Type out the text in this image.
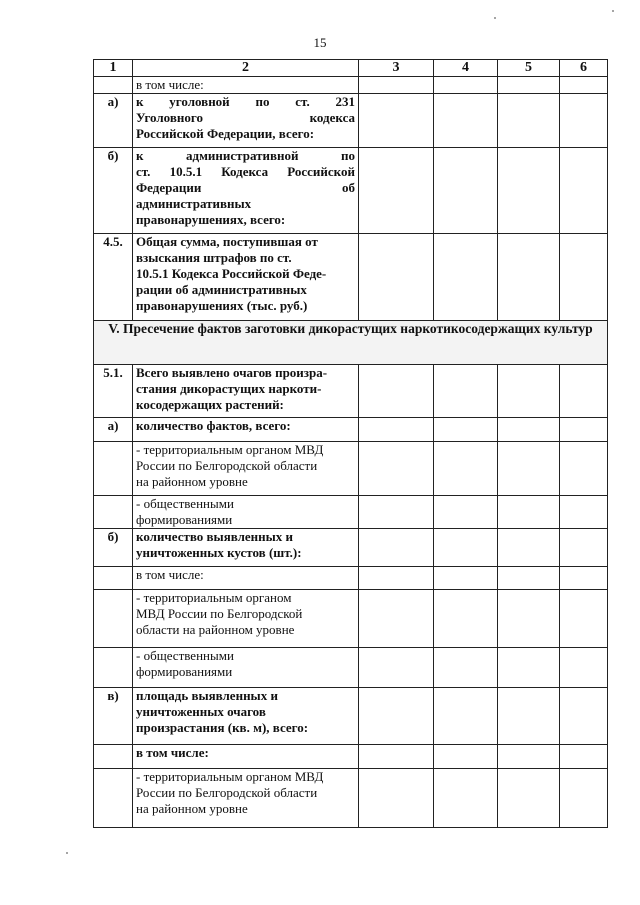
15
1	2	3	4	5	6

	в том числе:				

а)	к уголовной по ст. 231
Уголовного кодекса
Российской Федерации, всего:				

б)	к административной по
ст. 10.5.1 Кодекса Российской
Федерации об
административных
правонарушениях, всего:				

4.5.	Общая сумма, поступившая от
взыскания штрафов по ст.
10.5.1 Кодекса Российской Феде-
рации об административных
правонарушениях (тыс. руб.)				

V. Пресечение фактов заготовки дикорастущих наркотикосодержащих культур					
5.1.	Всего выявлено очагов произра-
стания дикорастущих наркоти-
косодержащих растений:				

а)	количество фактов, всего:				

	- территориальным органом МВД
России по Белгородской области
на районном уровне				

	- общественными
формированиями				

б)	количество выявленных и
уничтоженных кустов (шт.):				

	в том числе:				

	- территориальным органом
МВД России по Белгородской
области на районном уровне				

	- общественными
формированиями				

в)	площадь выявленных и
уничтоженных очагов
произрастания (кв. м), всего:				

	в том числе:				

	- территориальным органом МВД
России по Белгородской области
на районном уровне				
